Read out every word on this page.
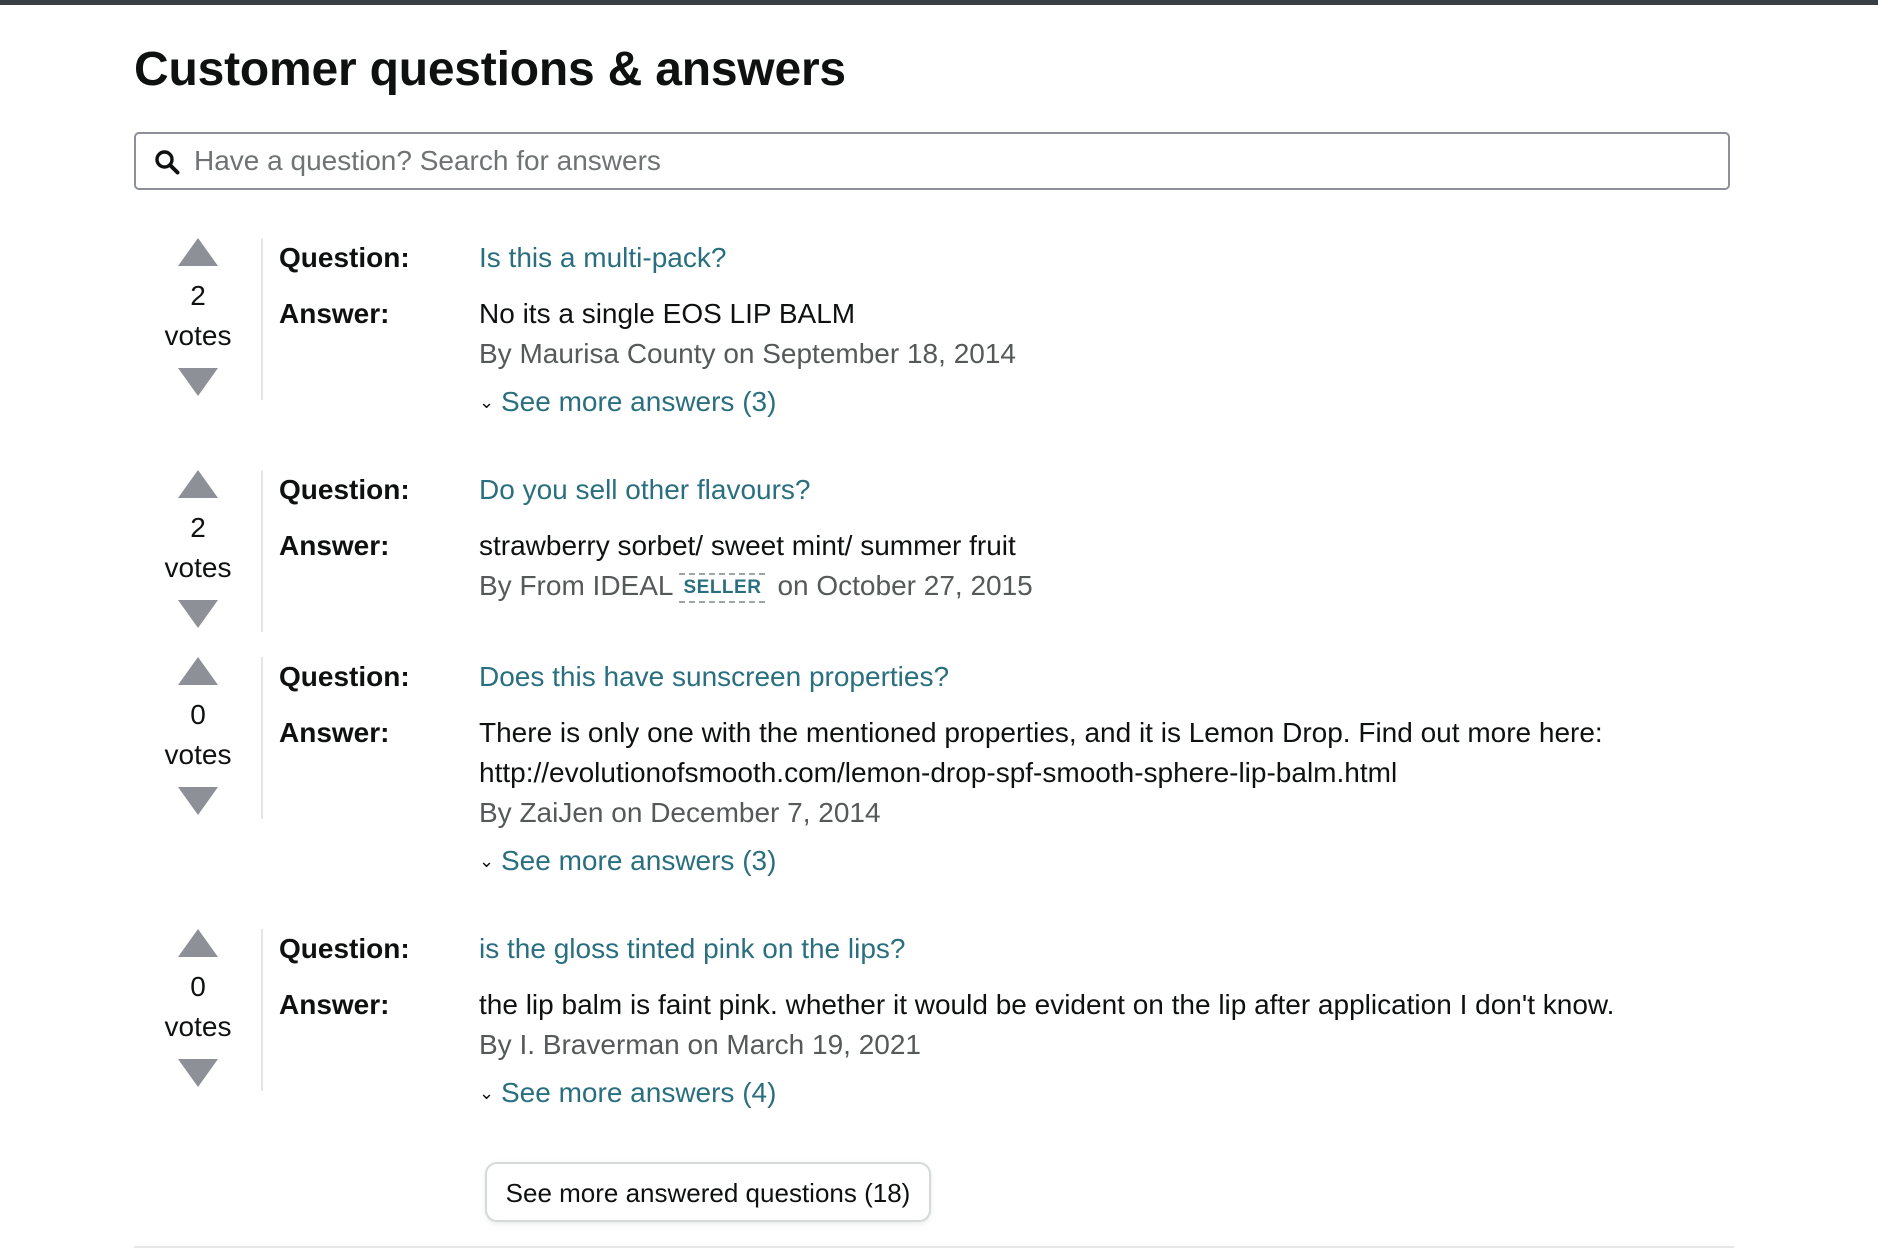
Customer questions & answers
Have a question? Search for answers
2
votes
Question: Is this a multi-pack?
Answer:	No its a single EOS LIP BALM
By Maurisa County on September 18, 2014
⌄ See more answers (3)
2
votes
Question: Do you sell other flavours?
Answer:	strawberry sorbet/ sweet mint/ summer fruit
By From IDEAL SELLER on October 27, 2015
0
votes
Question: Does this have sunscreen properties?
Answer:	There is only one with the mentioned properties, and it is Lemon Drop. Find out more here: http://evolutionofsmooth.com/lemon-drop-spf-smooth-sphere-lip-balm.html
By ZaiJen on December 7, 2014
⌄ See more answers (3)
0
votes
Question: is the gloss tinted pink on the lips?
Answer:	the lip balm is faint pink. whether it would be evident on the lip after application I don't know.
By I. Braverman on March 19, 2021
⌄ See more answers (4)
See more answered questions (18)
